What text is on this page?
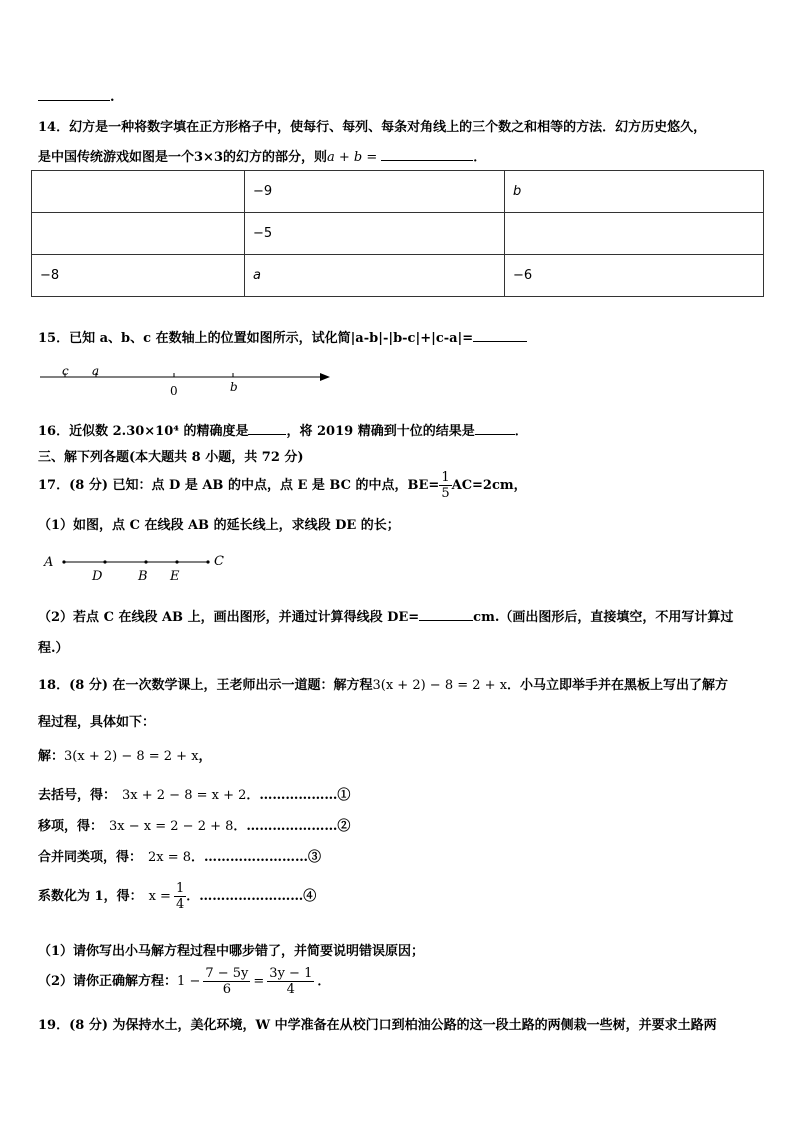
.
14．幻方是一种将数字填在正方形格子中，使每行、每列、每条对角线上的三个数之和相等的方法．幻方历史悠久，
是中国传统游戏如图是一个3×3的幻方的部分，则a + b =	．
	−9	b
	−5	
−8	a	−6
15．已知 a、b、c 在数轴上的位置如图所示，试化简|a-b|-|b-c|+|c-a|=
c a
0	b
16．近似数 2.30×10⁴ 的精确度是	，将 2019 精确到十位的结果是	．
三、解下列各题(本大题共 8 小题，共 72 分)
17．(8 分) 已知：点 D 是 AB 的中点，点 E 是 BC 的中点，$BE= \frac{1}{5} AC=2cm$，
（1）如图，点 C 在线段 AB 的延长线上，求线段 DE 的长；
A
D	B E
C
（2）若点 C 在线段 AB 上，画出图形，并通过计算得线段 DE=	cm.（画出图形后，直接填空，不用写计算过
程.）
18．(8 分) 在一次数学课上，王老师出示一道题：解方程3(x + 2) − 8 = 2 + x．小马立即举手并在黑板上写出了解方
程过程，具体如下：
解：3(x + 2) − 8 = 2 + x，
去括号，得： 3x + 2 − 8 = x + 2．………………①
移项，得： 3x − x = 2 − 2 + 8．…………………②
合并同类项，得： 2x = 8．……………………③
系数化为 1，得： $x = \frac{1}{4}$ ．……………………④
（1）请你写出小马解方程过程中哪步错了，并简要说明错误原因；
（2）请你正确解方程：$1 - \frac{7 - 5y}{6} = \frac{3y - 1}{4}$ ．
19．(8 分) 为保持水土，美化环境，W 中学准备在从校门口到柏油公路的这一段土路的两侧栽一些树，并要求土路两
